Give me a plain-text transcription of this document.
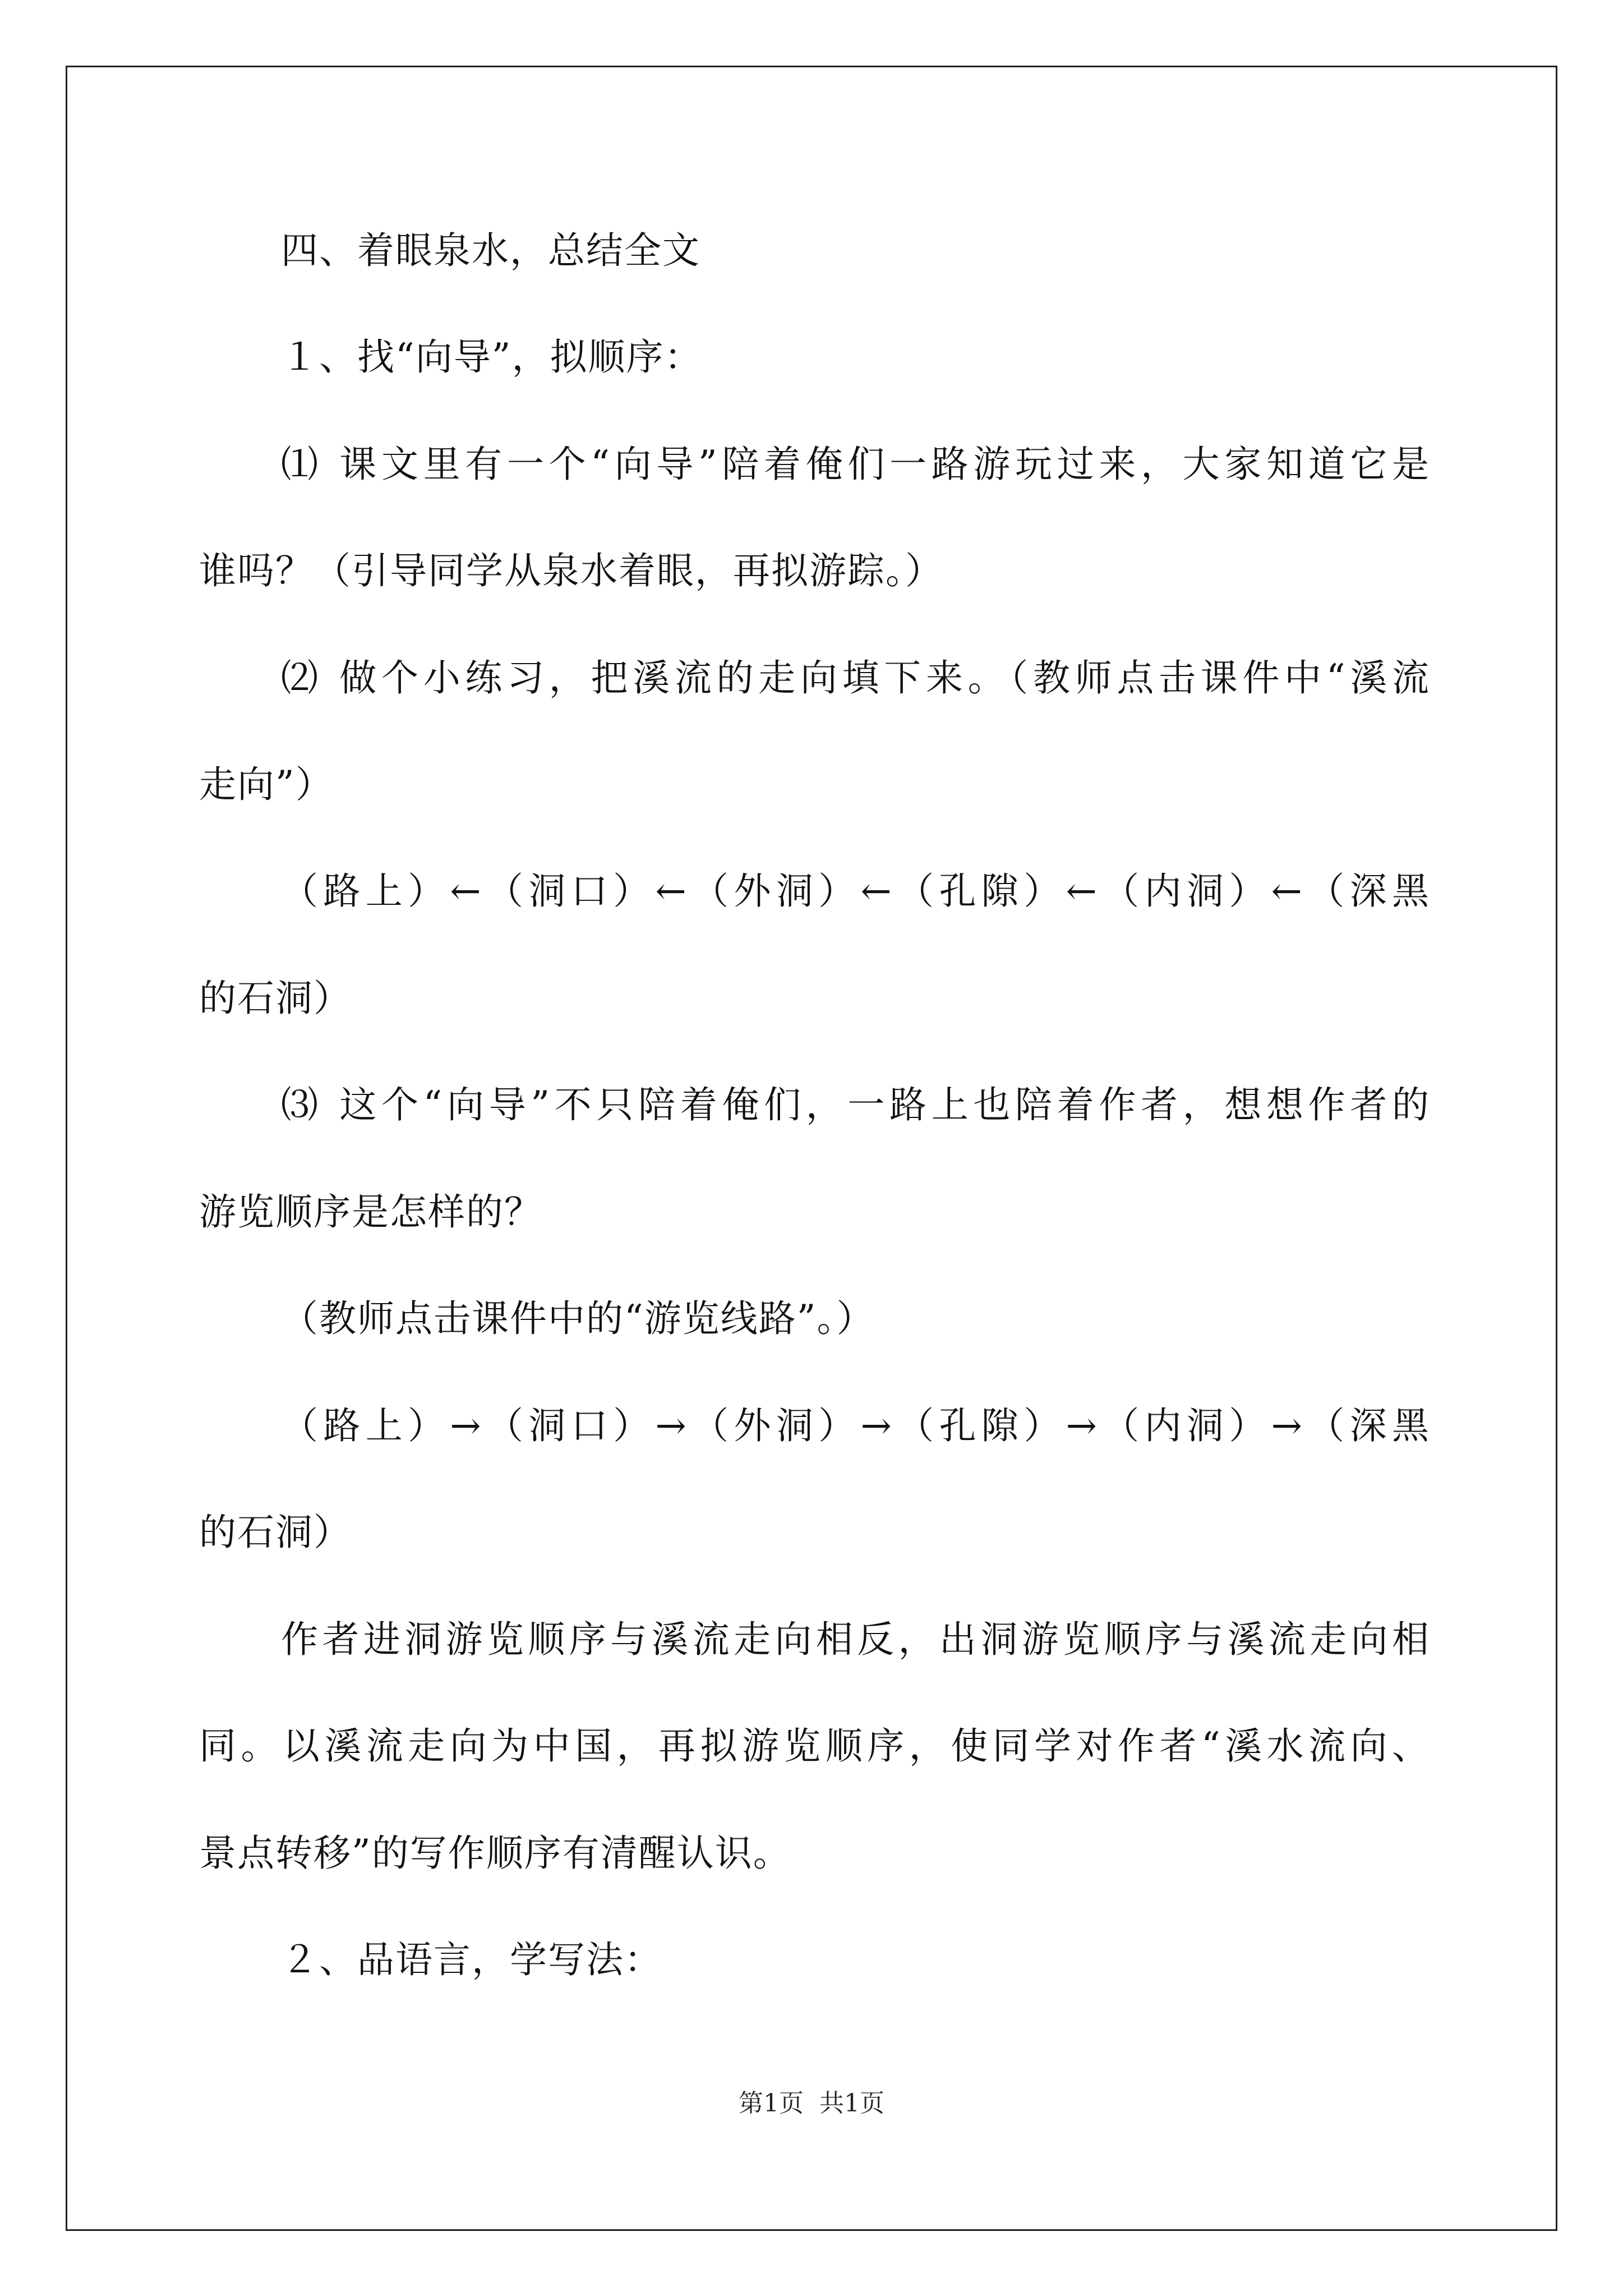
四、着眼泉水，总结全文
１、找“向导”，拟顺序：
⑴ 课文里有一个“向导”陪着俺们一路游玩过来，大家知道它是
谁吗？（引导同学从泉水着眼，再拟游踪。）
⑵ 做个小练习，把溪流的走向填下来。（教师点击课件中“溪流
走向”）
（路上）←（洞口）←（外洞）←（孔隙）←（内洞）←（深黑
的石洞）
⑶ 这个“向导”不只陪着俺们，一路上也陪着作者，想想作者的
游览顺序是怎样的？
（教师点击课件中的“游览线路”。）
（路上）→（洞口）→（外洞）→（孔隙）→（内洞）→（深黑
的石洞）
作者进洞游览顺序与溪流走向相反，出洞游览顺序与溪流走向相
同。以溪流走向为中国，再拟游览顺序，使同学对作者“溪水流向、
景点转移”的写作顺序有清醒认识。
２、品语言，学写法：
第1页 共1页
